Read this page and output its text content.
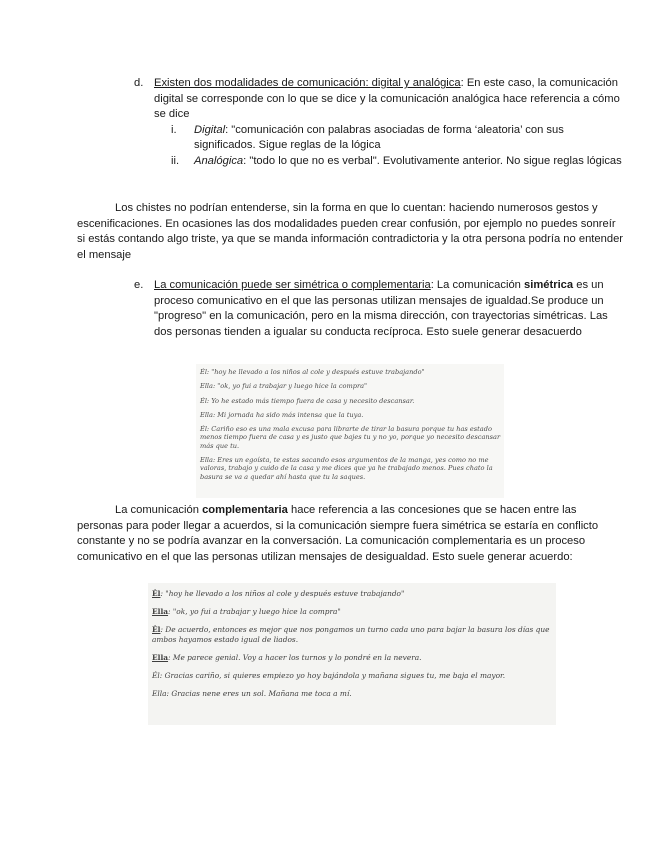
d. Existen dos modalidades de comunicación: digital y analógica: En este caso, la comunicación digital se corresponde con lo que se dice y la comunicación analógica hace referencia a cómo se dice
i.	Digital: "comunicación con palabras asociadas de forma ‘aleatoria’ con sus significados. Sigue reglas de la lógica
ii.	Analógica: "todo lo que no es verbal". Evolutivamente anterior. No sigue reglas lógicas
Los chistes no podrían entenderse, sin la forma en que lo cuentan: haciendo numerosos gestos y escenificaciones. En ocasiones las dos modalidades pueden crear confusión, por ejemplo no puedes sonreír si estás contando algo triste, ya que se manda información contradictoria y la otra persona podría no entender el mensaje
e. La comunicación puede ser simétrica o complementaria: La comunicación simétrica es un proceso comunicativo en el que las personas utilizan mensajes de igualdad.Se produce un "progreso" en la comunicación, pero en la misma dirección, con trayectorias simétricas. Las dos personas tienden a igualar su conducta recíproca. Esto suele generar desacuerdo

Él: "hoy he llevado a los niños al cole y después estuve trabajando"

Ella: "ok, yo fui a trabajar y luego hice la compra"

Él: Yo he estado más tiempo fuera de casa y necesito descansar.

Ella: Mi jornada ha sido más intensa que la tuya.

Él: Cariño eso es una mala excusa para librarte de tirar la basura porque tu has estado menos tiempo fuera de casa y es justo que bajes tu y no yo, porque yo necesito descansar más que tu.

Ella: Eres un egoísta, te estas sacando esos argumentos de la manga, yes como no me valoras, trabajo y cuido de la casa y me dices que ya he trabajado menos. Pues chato la basura se va a quedar ahí hasta que tu la saques.

La comunicación complementaria hace referencia a las concesiones que se hacen entre las personas para poder llegar a acuerdos, si la comunicación siempre fuera simétrica se estaría en conflicto constante y no se podría avanzar en la conversación. La comunicación complementaria es un proceso comunicativo en el que las personas utilizan mensajes de desigualdad. Esto suele generar acuerdo:

Él: "hoy he llevado a los niños al cole y después estuve trabajando"

Ella: "ok, yo fui a trabajar y luego hice la compra"

Él: De acuerdo, entonces es mejor que nos pongamos un turno cada uno para bajar la basura los días que ambos hayamos estado igual de liados.

Ella: Me parece genial. Voy a hacer los turnos y lo pondré en la nevera.

Él: Gracias cariño, si quieres empiezo yo hoy bajándola y mañana sigues tu, me baja el mayor.

Ella: Gracias nene eres un sol. Mañana me toca a mí.
